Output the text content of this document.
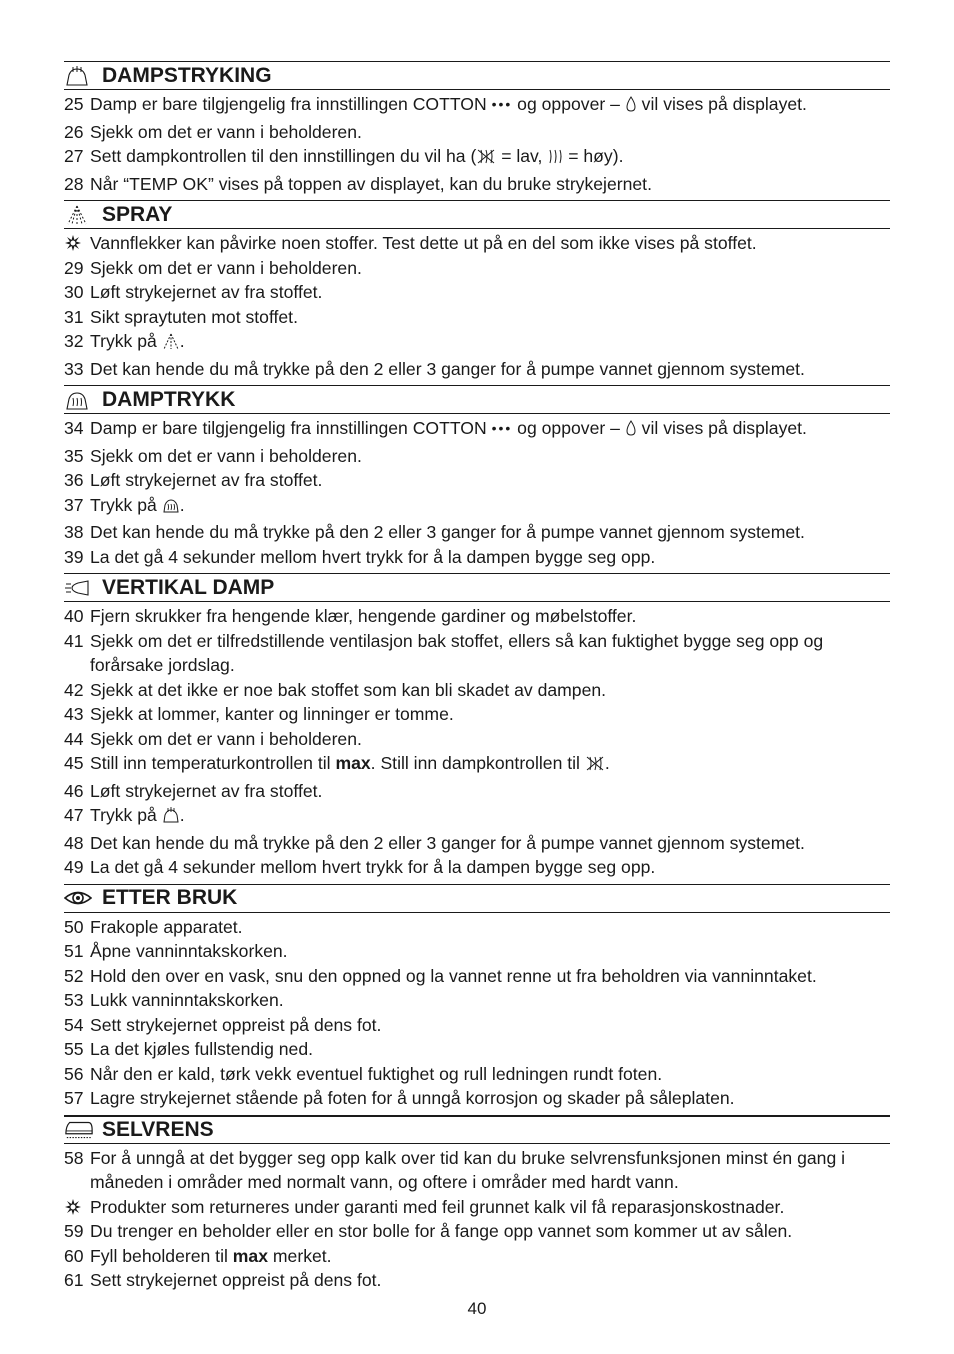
DAMPSTRYKING
25 Damp er bare tilgjengelig fra innstillingen COTTON ••• og oppover –  vil vises på displayet.
26 Sjekk om det er vann i beholderen.
27 Sett dampkontrollen til den innstillingen du vil ha ( = lav,  = høy).
28 Når “TEMP OK” vises på toppen av displayet, kan du bruke strykejernet.
SPRAY
Vannflekker kan påvirke noen stoffer. Test dette ut på en del som ikke vises på stoffet.
29 Sjekk om det er vann i beholderen.
30 Løft strykejernet av fra stoffet.
31 Sikt spraytuten mot stoffet.
32 Trykk på .
33 Det kan hende du må trykke på den 2 eller 3 ganger for å pumpe vannet gjennom systemet.
DAMPTRYKK
34 Damp er bare tilgjengelig fra innstillingen COTTON ••• og oppover –  vil vises på displayet.
35 Sjekk om det er vann i beholderen.
36 Løft strykejernet av fra stoffet.
37 Trykk på .
38 Det kan hende du må trykke på den 2 eller 3 ganger for å pumpe vannet gjennom systemet.
39 La det gå 4 sekunder mellom hvert trykk for å la dampen bygge seg opp.
VERTIKAL DAMP
40 Fjern skrukker fra hengende klær, hengende gardiner og møbelstoffer.
41 Sjekk om det er tilfredstillende ventilasjon bak stoffet, ellers så kan fuktighet bygge seg opp og forårsake jordslag.
42 Sjekk at det ikke er noe bak stoffet som kan bli skadet av dampen.
43 Sjekk at lommer, kanter og linninger er tomme.
44 Sjekk om det er vann i beholderen.
45 Still inn temperaturkontrollen til max. Still inn dampkontrollen til .
46 Løft strykejernet av fra stoffet.
47 Trykk på .
48 Det kan hende du må trykke på den 2 eller 3 ganger for å pumpe vannet gjennom systemet.
49 La det gå 4 sekunder mellom hvert trykk for å la dampen bygge seg opp.
ETTER BRUK
50 Frakople apparatet.
51 Åpne vanninntakskorken.
52 Hold den over en vask, snu den oppned og la vannet renne ut fra beholdren via vanninntaket.
53 Lukk vanninntakskorken.
54 Sett strykejernet oppreist på dens fot.
55 La det kjøles fullstendig ned.
56 Når den er kald, tørk vekk eventuel fuktighet og rull ledningen rundt foten.
57 Lagre strykejernet stående på foten for å unngå korrosjon og skader på såleplaten.
SELVRENS
58 For å unngå at det bygger seg opp kalk over tid kan du bruke selvrensfunksjonen minst én gang i måneden i områder med normalt vann, og oftere i områder med hardt vann.
Produkter som returneres under garanti med feil grunnet kalk vil få reparasjonskostnader.
59 Du trenger en beholder eller en stor bolle for å fange opp vannet som kommer ut av sålen.
60 Fyll beholderen til max merket.
61 Sett strykejernet oppreist på dens fot.
40
